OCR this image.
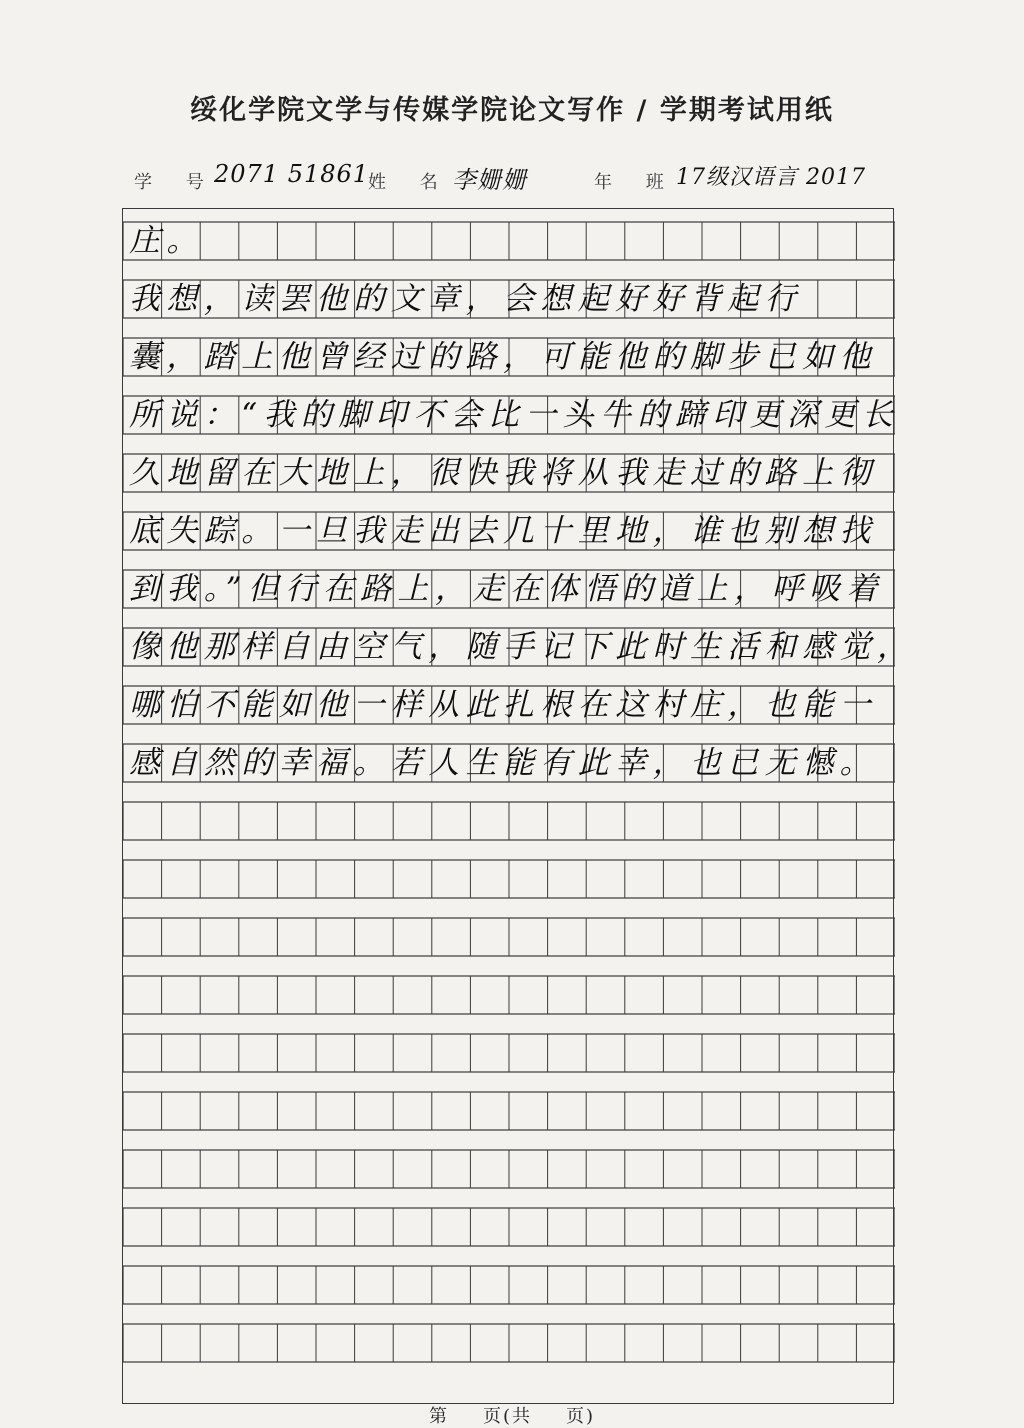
绥化学院文学与传媒学院论文写作 / 学期考试用纸
学 号
2071 51861
姓 名 李姗姗	年 班
17级汉语言 2017
庄。
我想，读罢他的文章，会想起好好背起行
囊，踏上他曾经过的路，可能他的脚步已如他
所说：“我的脚印不会比一头牛的蹄印更深更长
久地留在大地上，很快我将从我走过的路上彻
底失踪。一旦我走出去几十里地，谁也别想找
到我。”但行在路上，走在体悟的道上，呼吸着
像他那样自由空气，随手记下此时生活和感觉，
哪怕不能如他一样从此扎根在这村庄，也能一
感自然的幸福。若人生能有此幸，也已无憾。
第 页(共 页)
